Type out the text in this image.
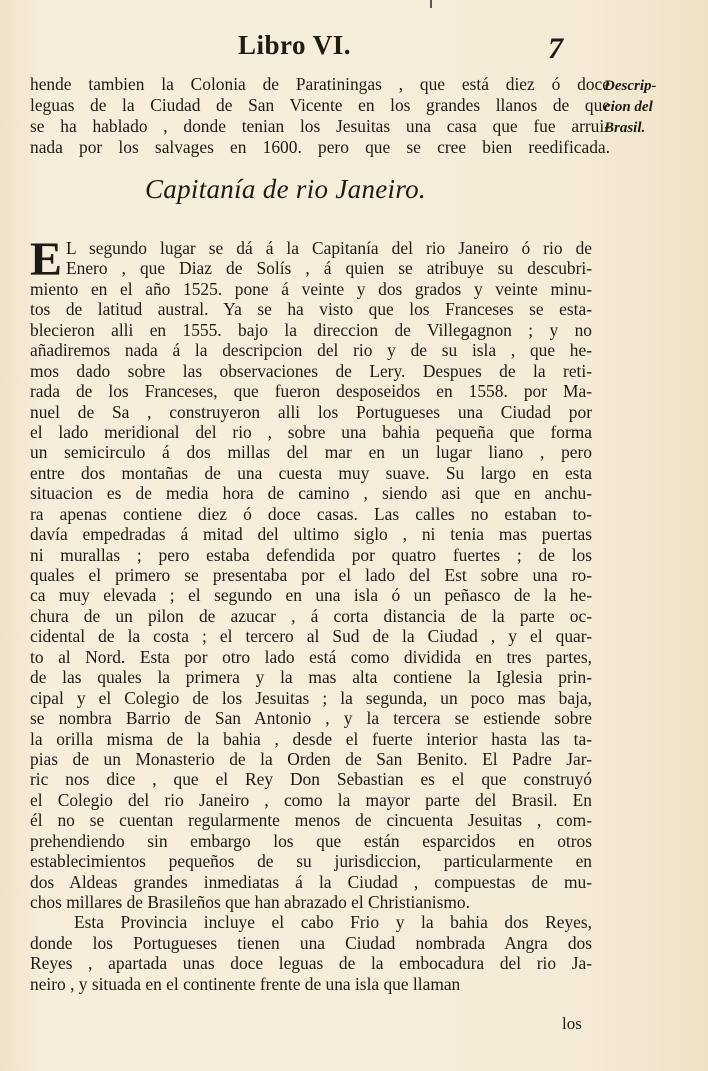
Libro VI.	7
hende tambien la Colonia de Paratiningas , que está diez ó doce
leguas de la Ciudad de San Vicente en los grandes llanos de que
se ha hablado , donde tenian los Jesuitas una casa que fue arrui-
nada por los salvages en 1600. pero que se cree bien reedificada.
Descrip-
cion del
Brasil.
Capitanía de rio Janeiro.
E L segundo lugar se dá á la Capitanía del rio Janeiro ó rio de
Enero , que Diaz de Solís , á quien se atribuye su descubri-
miento en el año 1525. pone á veinte y dos grados y veinte minu-
tos de latitud austral. Ya se ha visto que los Franceses se esta-
blecieron alli en 1555. bajo la direccion de Villegagnon ; y no
añadiremos nada á la descripcion del rio y de su isla , que he-
mos dado sobre las observaciones de Lery. Despues de la reti-
rada de los Franceses, que fueron desposeidos en 1558. por Ma-
nuel de Sa , construyeron alli los Portugueses una Ciudad por
el lado meridional del rio , sobre una bahia pequeña que forma
un semicirculo á dos millas del mar en un lugar liano , pero
entre dos montañas de una cuesta muy suave. Su largo en esta
situacion es de media hora de camino , siendo asi que en anchu-
ra apenas contiene diez ó doce casas. Las calles no estaban to-
davía empedradas á mitad del ultimo siglo , ni tenia mas puertas
ni murallas ; pero estaba defendida por quatro fuertes ; de los
quales el primero se presentaba por el lado del Est sobre una ro-
ca muy elevada ; el segundo en una isla ó un peñasco de la he-
chura de un pilon de azucar , á corta distancia de la parte oc-
cidental de la costa ; el tercero al Sud de la Ciudad , y el quar-
to al Nord. Esta por otro lado está como dividida en tres partes,
de las quales la primera y la mas alta contiene la Iglesia prin-
cipal y el Colegio de los Jesuitas ; la segunda, un poco mas baja,
se nombra Barrio de San Antonio , y la tercera se estiende sobre
la orilla misma de la bahia , desde el fuerte interior hasta las ta-
pias de un Monasterio de la Orden de San Benito. El Padre Jar-
ric nos dice , que el Rey Don Sebastian es el que construyó
el Colegio del rio Janeiro , como la mayor parte del Brasil. En
él no se cuentan regularmente menos de cincuenta Jesuitas , com-
prehendiendo sin embargo los que están esparcidos en otros
establecimientos pequeños de su jurisdiccion, particularmente en
dos Aldeas grandes inmediatas á la Ciudad , compuestas de mu-
chos millares de Brasileños que han abrazado el Christianismo.
Esta Provincia incluye el cabo Frio y la bahia dos Reyes,
donde los Portugueses tienen una Ciudad nombrada Angra dos
Reyes , apartada unas doce leguas de la embocadura del rio Ja-
neiro , y situada en el continente frente de una isla que llaman
los
